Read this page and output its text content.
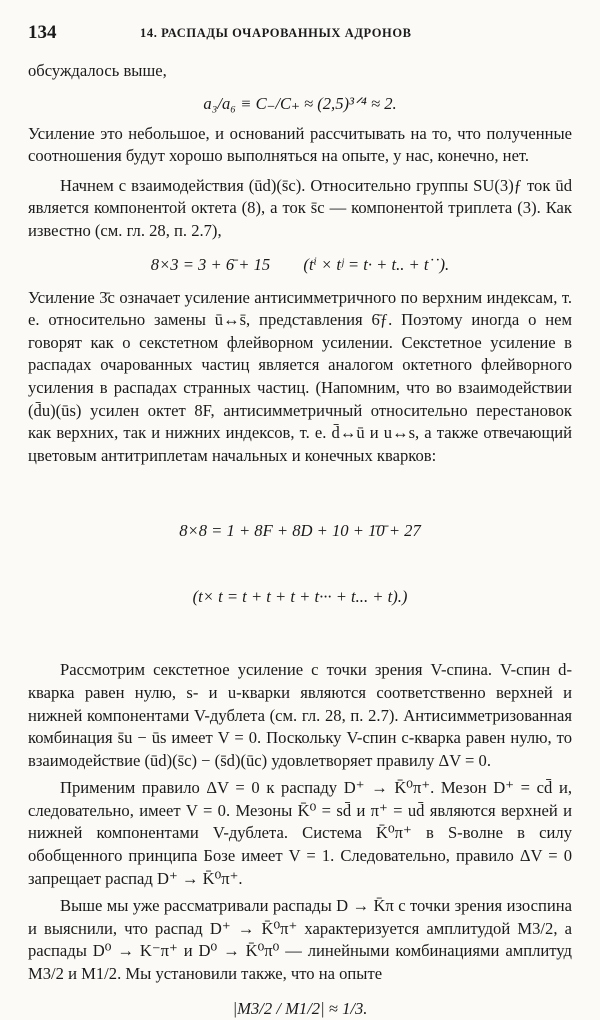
134	14. РАСПАДЫ ОЧАРОВАННЫХ АДРОНОВ

обсуждалось выше,

a₃/a₆ ≡ C₋/C₊ ≈ (2,5)³ᐟ⁴ ≈ 2.

Усиление это небольшое, и оснований рассчитывать на то, что полученные соотношения будут хорошо выполняться на опыте, у нас, конечно, нет.

Начнем с взаимодействия (ūd)(s̄c). Относительно группы SU(3)ƒ ток ūd является компонентой октета (8), а ток s̄c — компонентой триплета (3). Как известно (см. гл. 28, п. 2.7),

8×3 = 3 + 6̄ + 15        (tⁱ × tʲ = t· + t.. + t˙˙).

Усиление 3̄c означает усиление антисимметричного по верхним индексам, т. е. относительно замены ū↔s̄, представления 6̄ƒ. Поэтому иногда о нем говорят как о секстетном флейворном усилении. Секстетное усиление в распадах очарованных частиц является аналогом октетного флейворного усиления в распадах странных частиц. (Напомним, что во взаимодействии (d̄u)(ūs) усилен октет 8F, антисимметричный относительно перестановок как верхних, так и нижних индексов, т. е. d̄↔ū и u↔s, а также отвечающий цветовым антитриплетам начальных и конечных кварков:

8×8 = 1 + 8F + 8D + 10 + 1̄0̄ + 27

(t× t = t + t + t + t··· + t... + t).)

Рассмотрим секстетное усиление с точки зрения V-спина. V-спин d-кварка равен нулю, s- и u-кварки являются соответственно верхней и нижней компонентами V-дублета (см. гл. 28, п. 2.7). Антисимметризованная комбинация s̄u − ūs имеет V = 0. Поскольку V-спин c-кварка равен нулю, то взаимодействие (ūd)(s̄c) − (s̄d)(ūc) удовлетворяет правилу ΔV = 0.

Применим правило ΔV = 0 к распаду D⁺ → K̄⁰π⁺. Мезон D⁺ = cd̄ и, следовательно, имеет V = 0. Мезоны K̄⁰ = sd̄ и π⁺ = ud̄ являются верхней и нижней компонентами V-дублета. Система K̄⁰π⁺ в S-волне в силу обобщенного принципа Бозе имеет V = 1. Следовательно, правило ΔV = 0 запрещает распад D⁺ → K̄⁰π⁺.

Выше мы уже рассматривали распады D → K̄π с точки зрения изоспина и выяснили, что распад D⁺ → K̄⁰π⁺ характеризуется амплитудой M3/2, а распады D⁰ → K⁻π⁺ и D⁰ → K̄⁰π⁰ — линейными комбинациями амплитуд M3/2 и M1/2. Мы установили также, что на опыте

|M3/2 / M1/2| ≈ 1/3.
